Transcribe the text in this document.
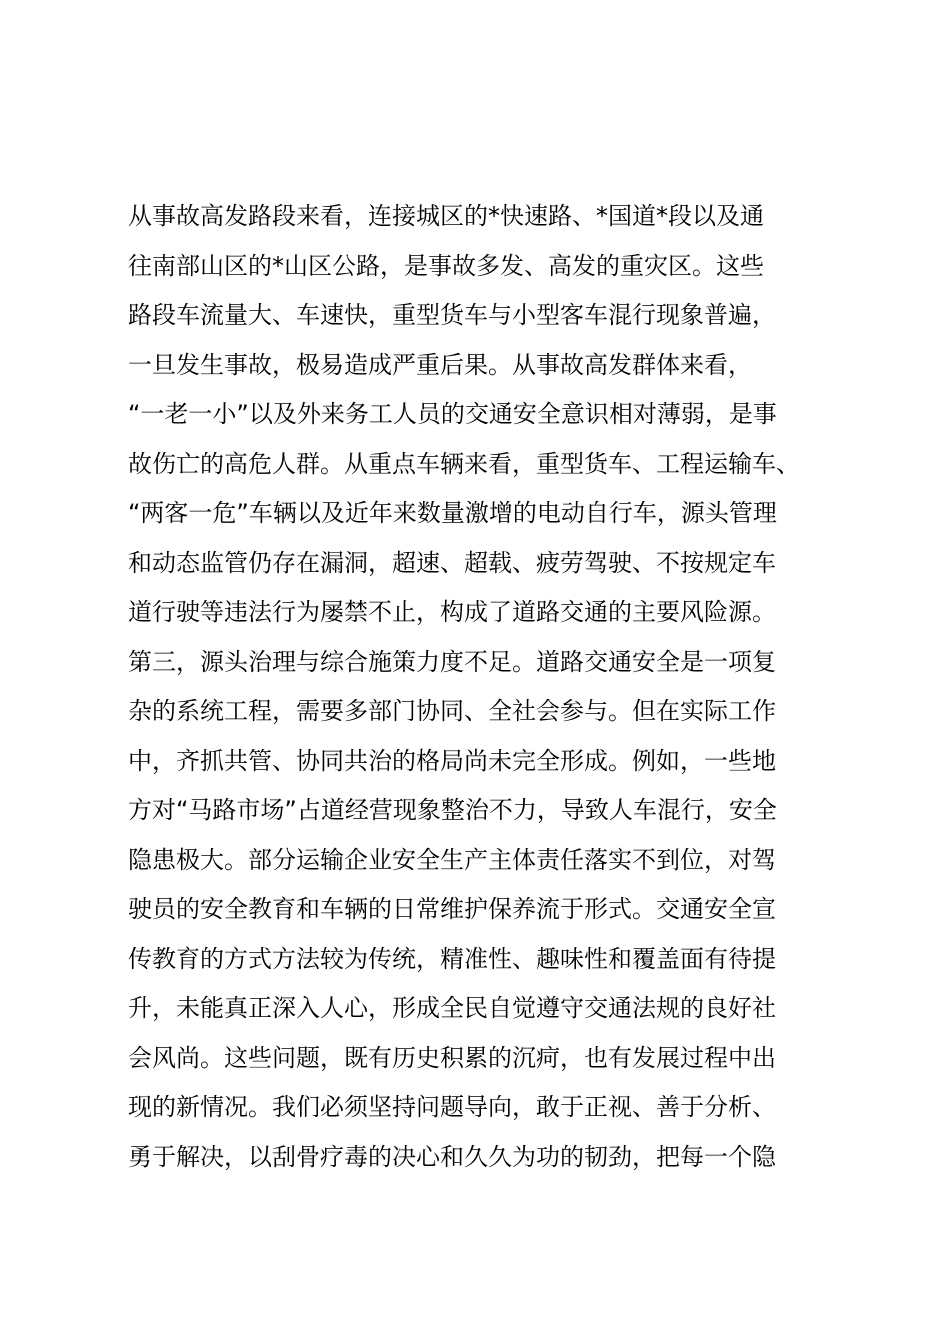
从事故高发路段来看，连接城区的*快速路、*国道*段以及通
往南部山区的*山区公路，是事故多发、高发的重灾区。这些
路段车流量大、车速快，重型货车与小型客车混行现象普遍，
一旦发生事故，极易造成严重后果。从事故高发群体来看，
“一老一小”以及外来务工人员的交通安全意识相对薄弱，是事
故伤亡的高危人群。从重点车辆来看，重型货车、工程运输车、
“两客一危”车辆以及近年来数量激增的电动自行车，源头管理
和动态监管仍存在漏洞，超速、超载、疲劳驾驶、不按规定车
道行驶等违法行为屡禁不止，构成了道路交通的主要风险源。
第三，源头治理与综合施策力度不足。道路交通安全是一项复
杂的系统工程，需要多部门协同、全社会参与。但在实际工作
中，齐抓共管、协同共治的格局尚未完全形成。例如，一些地
方对“马路市场”占道经营现象整治不力，导致人车混行，安全
隐患极大。部分运输企业安全生产主体责任落实不到位，对驾
驶员的安全教育和车辆的日常维护保养流于形式。交通安全宣
传教育的方式方法较为传统，精准性、趣味性和覆盖面有待提
升，未能真正深入人心，形成全民自觉遵守交通法规的良好社
会风尚。这些问题，既有历史积累的沉疴，也有发展过程中出
现的新情况。我们必须坚持问题导向，敢于正视、善于分析、
勇于解决，以刮骨疗毒的决心和久久为功的韧劲，把每一个隐
